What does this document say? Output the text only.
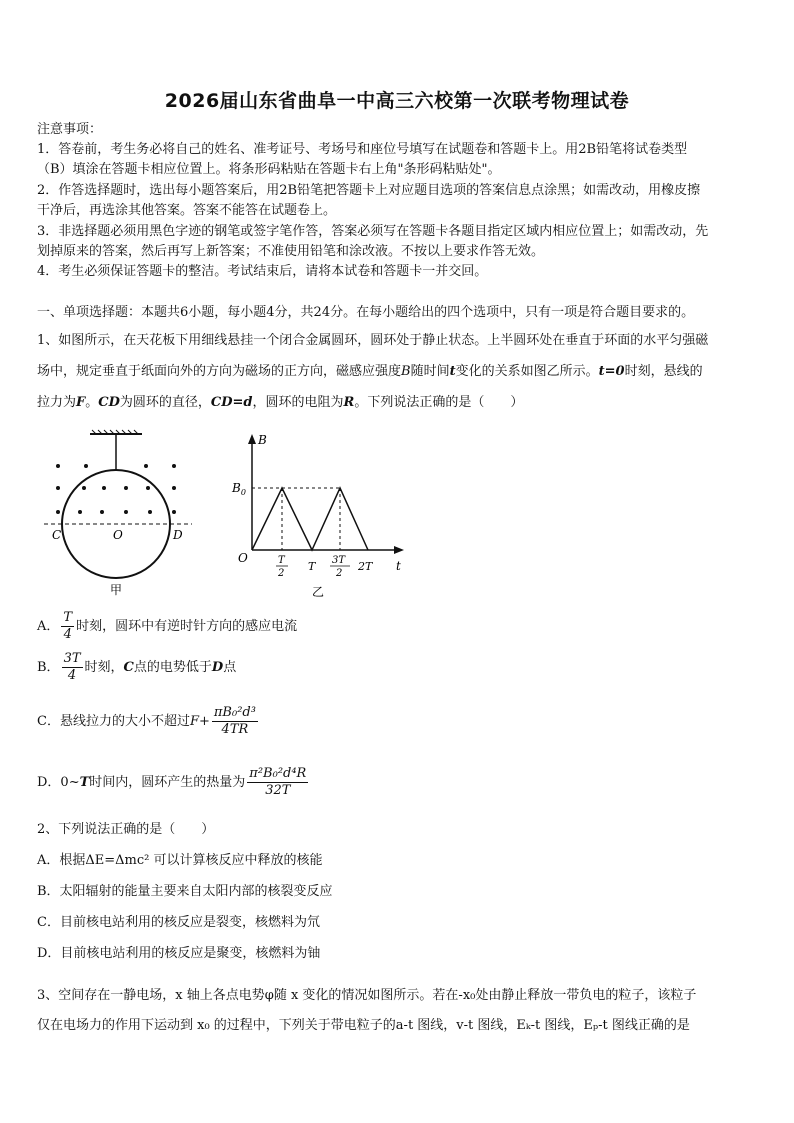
2026届山东省曲阜一中高三六校第一次联考物理试卷
注意事项：
1．答卷前，考生务必将自己的姓名、准考证号、考场号和座位号填写在试题卷和答题卡上。用2B铅笔将试卷类型
（B）填涂在答题卡相应位置上。将条形码粘贴在答题卡右上角"条形码粘贴处"。
2．作答选择题时，选出每小题答案后，用2B铅笔把答题卡上对应题目选项的答案信息点涂黑；如需改动，用橡皮擦
干净后，再选涂其他答案。答案不能答在试题卷上。
3．非选择题必须用黑色字迹的钢笔或签字笔作答，答案必须写在答题卡各题目指定区域内相应位置上；如需改动，先
划掉原来的答案，然后再写上新答案；不准使用铅笔和涂改液。不按以上要求作答无效。
4．考生必须保证答题卡的整洁。考试结束后，请将本试卷和答题卡一并交回。
一、单项选择题：本题共6小题，每小题4分，共24分。在每小题给出的四个选项中，只有一项是符合题目要求的。
1、如图所示，在天花板下用细线悬挂一个闭合金属圆环，圆环处于静止状态。上半圆环处在垂直于环面的水平匀强磁
场中，规定垂直于纸面向外的方向为磁场的正方向，磁感应强度B随时间t变化的关系如图乙所示。t=0时刻，悬线的
拉力为F。CD为圆环的直径，CD=d，圆环的电阻为R。下列说法正确的是（　　）
C	O	D
甲
B
$B_0$
O	T
2
T 3T
2
2T t
乙
A． $\frac{T}{4}$ 时刻，圆环中有逆时针方向的感应电流
B． $\frac{3T}{4}$ 时刻，C点的电势低于D点
C．悬线拉力的大小不超过$F+ \frac{\text{πB₀²d³}}{4TR}$
D．0~T时间内，圆环产生的热量为 $\frac{\text{π²B₀²d⁴R}}{32T}$
2、下列说法正确的是（　　）
A．根据ΔE=Δmc² 可以计算核反应中释放的核能
B．太阳辐射的能量主要来自太阳内部的核裂变反应
C．目前核电站利用的核反应是裂变，核燃料为氘
D．目前核电站利用的核反应是聚变，核燃料为铀
3、空间存在一静电场，x 轴上各点电势φ随 x 变化的情况如图所示。若在-x₀处由静止释放一带负电的粒子，该粒子
仅在电场力的作用下运动到 x₀ 的过程中，下列关于带电粒子的a-t 图线，v-t 图线，Eₖ-t 图线，Eₚ-t 图线正确的是
